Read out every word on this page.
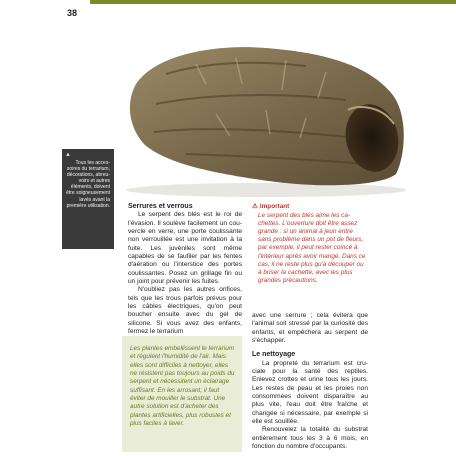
38
▲
Tous les accessoires du terrarium, décorations, abreuvoirs et autres éléments, doivent être soigneusement lavés avant la première utilisation.	Serrures et verrous

Le serpent des blés est le roi de l'évasion. Il soulève facilement un couvercle en verre, une porte coulissante non verrouillée est une invitation à la fuite. Les juvéniles sont même capables de se faufiler par les fentes d'aération ou l'interstice des portes coulissantes. Posez un grillage fin ou un joint pour prévenir les fuites.

N'oubliez pas les autres orifices, tels que les trous parfois prévus pour les câbles électriques, qu'on peut boucher ensuite avec du gel de silicone. Si vous avez des enfants, fermez le terrarium

⚠ Important
Le serpent des blés aime les cachettes. L'ouverture doit être assez grande : si un animal à jeun entre sans problème dans un pot de fleurs, par exemple, il peut rester coincé à l'intérieur après avoir mangé. Dans ce cas, il ne reste plus qu'à découper ou à briser la cachette, avec les plus grandes précautions.

avec une serrure ; cela évitera que l'animal soit stressé par la curiosité des enfants, et empêchera au serpent de s'échapper.

Le nettoyage

La propreté du terrarium est cruciale pour la santé des reptiles. Enlevez crottes et urine tous les jours. Les restes de peau et les proies non consommées doivent disparaître au plus vite, l'eau doit être fraîche et changée si nécessaire, par exemple si elle est souillée.

Renouvelez la totalité du substrat entièrement tous les 3 à 6 mois, en fonction du nombre d'occupants.

Les plantes embellissent le terrarium et régulent l'humidité de l'air. Mais elles sont difficiles à nettoyer, elles ne résistent pas toujours au poids du serpent et nécessitent un éclairage suffisant. En les arrosant, il faut éviter de mouiller le substrat. Une autre solution est d'acheter des plantes artificielles, plus robustes et plus faciles à laver.
